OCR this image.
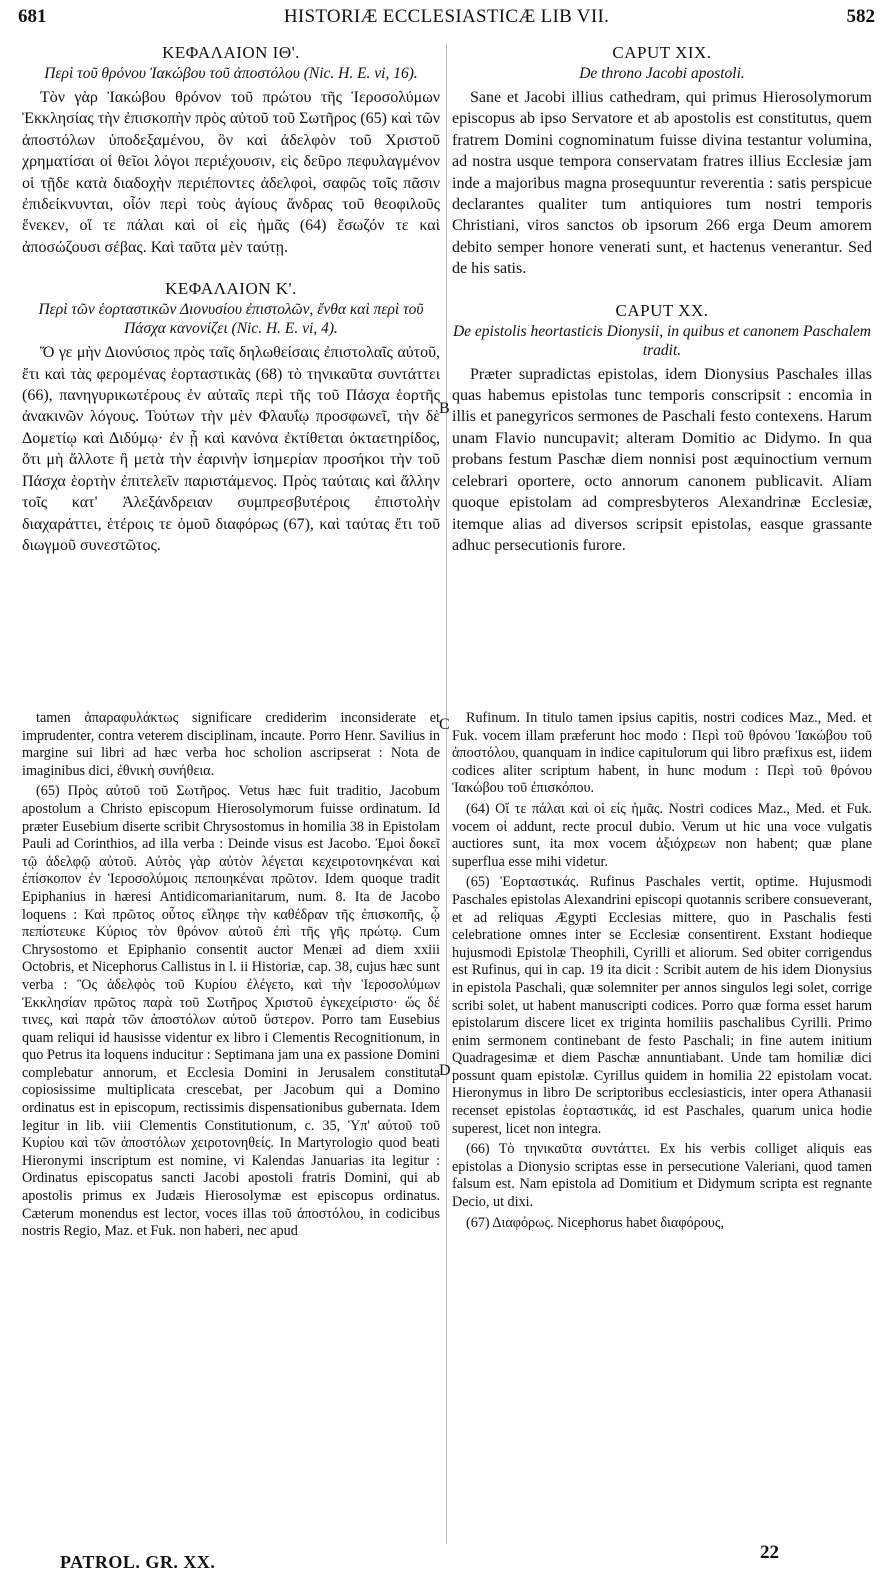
681	HISTORIÆ ECCLESIASTICÆ LIB VII.	582
ΚΕΦΑΛΑΙΟΝ ΙΘ'.
Περὶ τοῦ θρόνου Ἰακώβου τοῦ ἀποστόλου (Nic. H. E. vi, 16).

Τὸν γὰρ Ἰακώβου θρόνον τοῦ πρώτου τῆς Ἱεροσολύμων Ἐκκλησίας τὴν ἐπισκοπὴν πρὸς αὐτοῦ τοῦ Σωτῆρος (65) καὶ τῶν ἀποστόλων ὑποδεξαμένου, ὃν καὶ ἀδελφὸν τοῦ Χριστοῦ χρηματίσαι οἱ θεῖοι λόγοι περιέχουσιν, εἰς δεῦρο πεφυλαγμένον οἱ τῇδε κατὰ διαδοχὴν περιέποντες ἀδελφοὶ, σαφῶς τοῖς πᾶσιν ἐπιδείκνυνται, οἷόν περὶ τοὺς ἁγίους ἄνδρας τοῦ θεοφιλοῦς ἕνεκεν, οἵ τε πάλαι καὶ οἱ εἰς ἡμᾶς (64) ἔσωζόν τε καὶ ἀποσώζουσι σέβας. Καὶ ταῦτα μὲν ταύτῃ.

ΚΕΦΑΛΑΙΟΝ Κ'.
Περὶ τῶν ἑορταστικῶν Διονυσίου ἐπιστολῶν, ἔνθα καὶ περὶ τοῦ Πάσχα κανονίζει (Nic. H. E. vi, 4).

Ὅ γε μὴν Διονύσιος πρὸς ταῖς δηλωθείσαις ἐπιστολαῖς αὐτοῦ, ἔτι καὶ τὰς φερομένας ἑορταστικὰς (68) τὸ τηνικαῦτα συντάττει (66), πανηγυρικωτέρους ἐν αὐταῖς περὶ τῆς τοῦ Πάσχα ἑορτῆς ἀνακινῶν λόγους. Τούτων τὴν μὲν Φλαυΐῳ προσφωνεῖ, τὴν δὲ Δομετίῳ καὶ Διδύμῳ· ἐν ᾗ καὶ κανόνα ἐκτίθεται ὀκταετηρίδος, ὅτι μὴ ἄλλοτε ἢ μετὰ τὴν ἐαρινὴν ἰσημερίαν προσήκοι τὴν τοῦ Πάσχα ἑορτὴν ἐπιτελεῖν παριστάμενος. Πρὸς ταύταις καὶ ἄλλην τοῖς κατ' Ἀλεξάνδρειαν συμπρεσβυτέροις ἐπιστολὴν διαχαράττει, ἑτέροις τε ὁμοῦ διαφόρως (67), καὶ ταύτας ἔτι τοῦ διωγμοῦ συνεστῶτος.

CAPUT XIX.
De throno Jacobi apostoli.

Sane et Jacobi illius cathedram, qui primus Hierosolymorum episcopus ab ipso Servatore et ab apostolis est constitutus, quem fratrem Domini cognominatum fuisse divina testantur volumina, ad nostra usque tempora conservatam fratres illius Ecclesiæ jam inde a majoribus magna prosequuntur reverentia : satis perspicue declarantes qualiter tum antiquiores tum nostri temporis Christiani, viros sanctos ob ipsorum 266 erga Deum amorem debito semper honore venerati sunt, et hactenus venerantur. Sed de his satis.

CAPUT XX.
De epistolis heortasticis Dionysii, in quibus et canonem Paschalem tradit.

Præter supradictas epistolas, idem Dionysius Paschales illas quas habemus epistolas tunc temporis conscripsit : encomia in illis et panegyricos sermones de Paschali festo contexens. Harum unam Flavio nuncupavit; alteram Domitio ac Didymo. In qua probans festum Paschæ diem nonnisi post æquinoctium vernum celebrari oportere, octo annorum canonem publicavit. Aliam quoque epistolam ad compresbyteros Alexandrinæ Ecclesiæ, itemque alias ad diversos scripsit epistolas, easque grassante adhuc persecutionis furore.

B
C
D

tamen ἀπαραφυλάκτως significare crediderim inconsiderate et imprudenter, contra veterem disciplinam, incaute. Porro Henr. Savilius in margine sui libri ad hæc verba hoc scholion ascripserat : Nota de imaginibus dici, ἐθνικὴ συνήθεια.

(65) Πρὸς αὐτοῦ τοῦ Σωτῆρος. Vetus hæc fuit traditio, Jacobum apostolum a Christo episcopum Hierosolymorum fuisse ordinatum. Id præter Eusebium diserte scribit Chrysostomus in homilia 38 in Epistolam Pauli ad Corinthios, ad illa verba : Deinde visus est Jacobo. Ἐμοὶ δοκεῖ τῷ ἀδελφῷ αὐτοῦ. Αὐτὸς γὰρ αὐτὸν λέγεται κεχειροτονηκέναι καὶ ἐπίσκοπον ἐν Ἱεροσολύμοις πεποιηκέναι πρῶτον. Idem quoque tradit Epiphanius in hæresi Antidicomarianitarum, num. 8. Ita de Jacobo loquens : Καὶ πρῶτος οὗτος εἴληφε τὴν καθέδραν τῆς ἐπισκοπῆς, ᾧ πεπίστευκε Κύριος τὸν θρόνον αὐτοῦ ἐπὶ τῆς γῆς πρώτῳ. Cum Chrysostomo et Epiphanio consentit auctor Menæi ad diem xxiii Octobris, et Nicephorus Callistus in l. ii Historiæ, cap. 38, cujus hæc sunt verba : Ὃς ἀδελφὸς τοῦ Κυρίου ἐλέγετο, καὶ τὴν Ἱεροσολύμων Ἐκκλησίαν πρῶτος παρὰ τοῦ Σωτῆρος Χριστοῦ ἐγκεχείριστο· ὥς δέ τινες, καὶ παρὰ τῶν ἀποστόλων αὐτοῦ ὕστερον. Porro tam Eusebius quam reliqui id hausisse videntur ex libro i Clementis Recognitionum, in quo Petrus ita loquens inducitur : Septimana jam una ex passione Domini complebatur annorum, et Ecclesia Domini in Jerusalem constituta copiosissime multiplicata crescebat, per Jacobum qui a Domino ordinatus est in episcopum, rectissimis dispensationibus gubernata. Idem legitur in lib. viii Clementis Constitutionum, c. 35, Ὑπ' αὐτοῦ τοῦ Κυρίου καὶ τῶν ἀποστόλων χειροτονηθείς. In Martyrologio quod beati Hieronymi inscriptum est nomine, vi Kalendas Januarias ita legitur : Ordinatus episcopatus sancti Jacobi apostoli fratris Domini, qui ab apostolis primus ex Judæis Hierosolymæ est episcopus ordinatus. Cæterum monendus est lector, voces illas τοῦ ἀποστόλου, in codicibus nostris Regio, Maz. et Fuk. non haberi, nec apud

Rufinum. In titulo tamen ipsius capitis, nostri codices Maz., Med. et Fuk. vocem illam præferunt hoc modo : Περὶ τοῦ θρόνου Ἰακώβου τοῦ ἀποστόλου, quanquam in indice capitulorum qui libro præfixus est, iidem codices aliter scriptum habent, in hunc modum : Περὶ τοῦ θρόνου Ἰακώβου τοῦ ἐπισκόπου.

(64) Οἵ τε πάλαι καὶ οἱ εἰς ἡμᾶς. Nostri codices Maz., Med. et Fuk. vocem οἱ addunt, recte procul dubio. Verum ut hic una voce vulgatis auctiores sunt, ita mox vocem ἀξιόχρεων non habent; quæ plane superflua esse mihi videtur.

(65) Ἑορταστικάς. Rufinus Paschales vertit, optime. Hujusmodi Paschales epistolas Alexandrini episcopi quotannis scribere consueverant, et ad reliquas Ægypti Ecclesias mittere, quo in Paschalis festi celebratione omnes inter se Ecclesiæ consentirent. Exstant hodieque hujusmodi Epistolæ Theophili, Cyrilli et aliorum. Sed obiter corrigendus est Rufinus, qui in cap. 19 ita dicit : Scribit autem de his idem Dionysius in epistola Paschali, quæ solemniter per annos singulos legi solet, corrige scribi solet, ut habent manuscripti codices. Porro quæ forma esset harum epistolarum discere licet ex triginta homiliis paschalibus Cyrilli. Primo enim sermonem continebant de festo Paschali; in fine autem initium Quadragesimæ et diem Paschæ annuntiabant. Unde tam homiliæ dici possunt quam epistolæ. Cyrillus quidem in homilia 22 epistolam vocat. Hieronymus in libro De scriptoribus ecclesiasticis, inter opera Athanasii recenset epistolas ἑορταστικάς, id est Paschales, quarum unica hodie superest, licet non integra.

(66) Τὸ τηνικαῦτα συντάττει. Ex his verbis colliget aliquis eas epistolas a Dionysio scriptas esse in persecutione Valeriani, quod tamen falsum est. Nam epistola ad Domitium et Didymum scripta est regnante Decio, ut dixi.

(67) Διαφόρως. Nicephorus habet διαφόρους,

PATROL. GR. XX.	22
